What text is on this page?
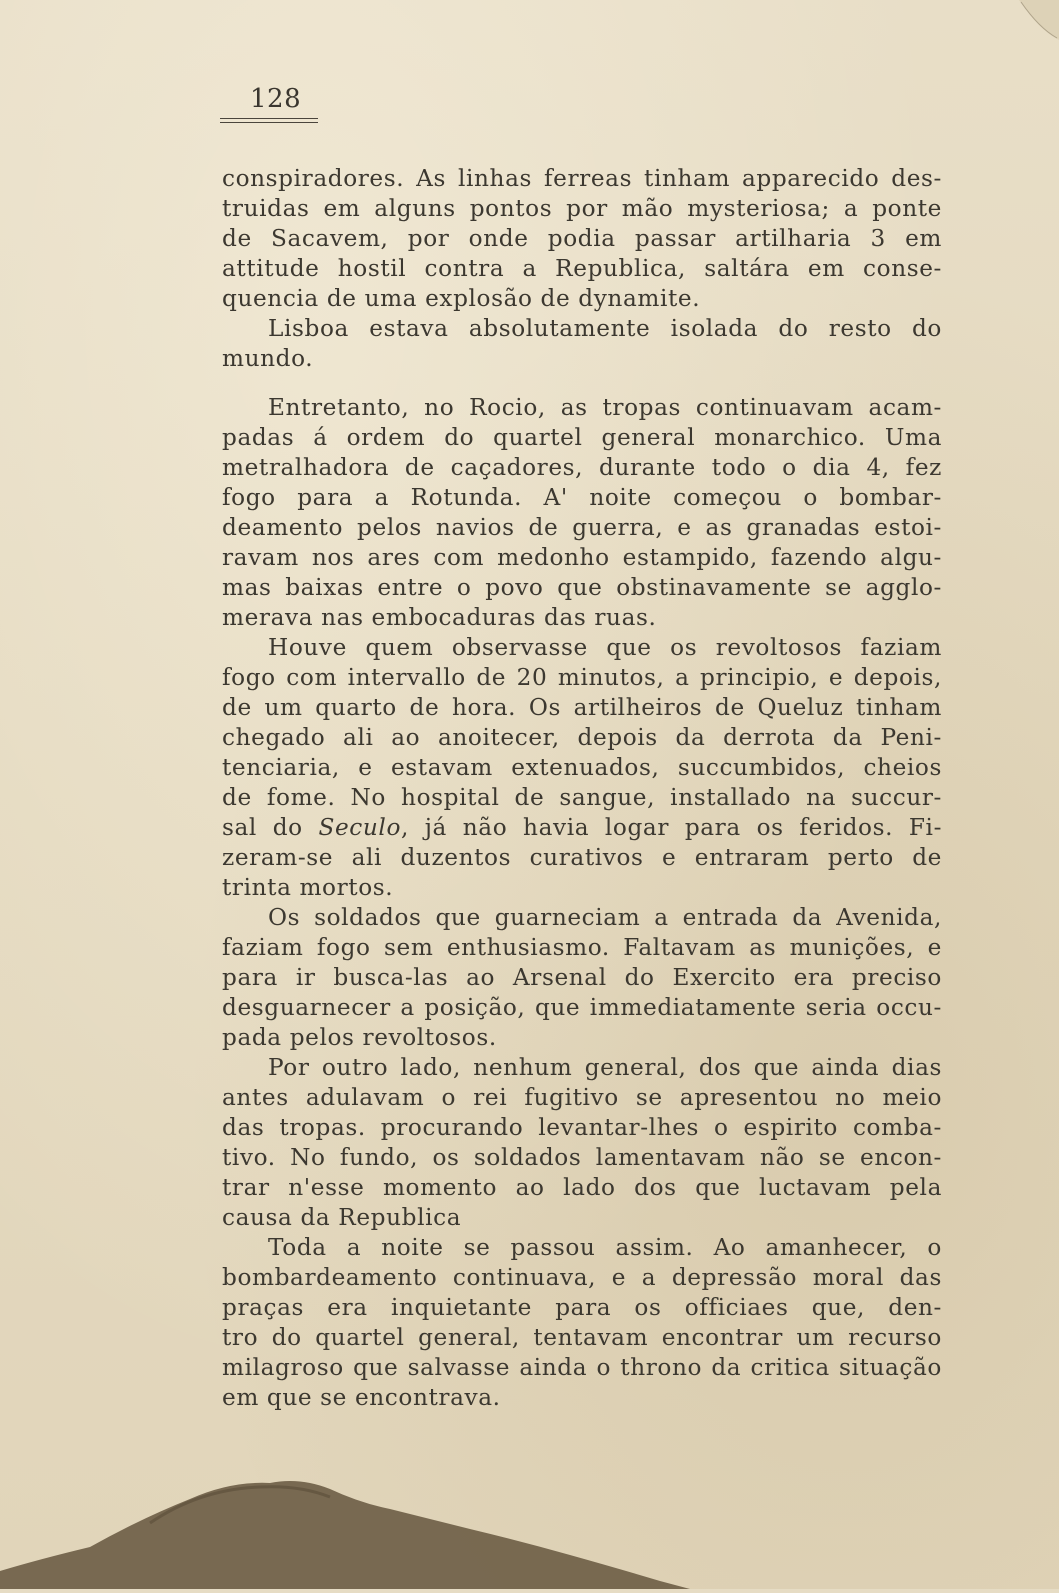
128
conspiradores. As linhas ferreas tinham apparecido des-
truidas em alguns pontos por mão mysteriosa; a ponte
de Sacavem, por onde podia passar artilharia 3 em
attitude hostil contra a Republica, saltára em conse-
quencia de uma explosão de dynamite.
Lisboa estava absolutamente isolada do resto do
mundo.
Entretanto, no Rocio, as tropas continuavam acam-
padas á ordem do quartel general monarchico. Uma
metralhadora de caçadores, durante todo o dia 4, fez
fogo para a Rotunda. A' noite começou o bombar-
deamento pelos navios de guerra, e as granadas estoi-
ravam nos ares com medonho estampido, fazendo algu-
mas baixas entre o povo que obstinavamente se agglo-
merava nas embocaduras das ruas.
Houve quem observasse que os revoltosos faziam
fogo com intervallo de 20 minutos, a principio, e depois,
de um quarto de hora. Os artilheiros de Queluz tinham
chegado ali ao anoitecer, depois da derrota da Peni-
tenciaria, e estavam extenuados, succumbidos, cheios
de fome. No hospital de sangue, installado na succur-
sal do Seculo, já não havia logar para os feridos. Fi-
zeram-se ali duzentos curativos e entraram perto de
trinta mortos.
Os soldados que guarneciam a entrada da Avenida,
faziam fogo sem enthusiasmo. Faltavam as munições, e
para ir busca-las ao Arsenal do Exercito era preciso
desguarnecer a posição, que immediatamente seria occu-
pada pelos revoltosos.
Por outro lado, nenhum general, dos que ainda dias
antes adulavam o rei fugitivo se apresentou no meio
das tropas. procurando levantar-lhes o espirito comba-
tivo. No fundo, os soldados lamentavam não se encon-
trar n'esse momento ao lado dos que luctavam pela
causa da Republica
Toda a noite se passou assim. Ao amanhecer, o
bombardeamento continuava, e a depressão moral das
praças era inquietante para os officiaes que, den-
tro do quartel general, tentavam encontrar um recurso
milagroso que salvasse ainda o throno da critica situação
em que se encontrava.
